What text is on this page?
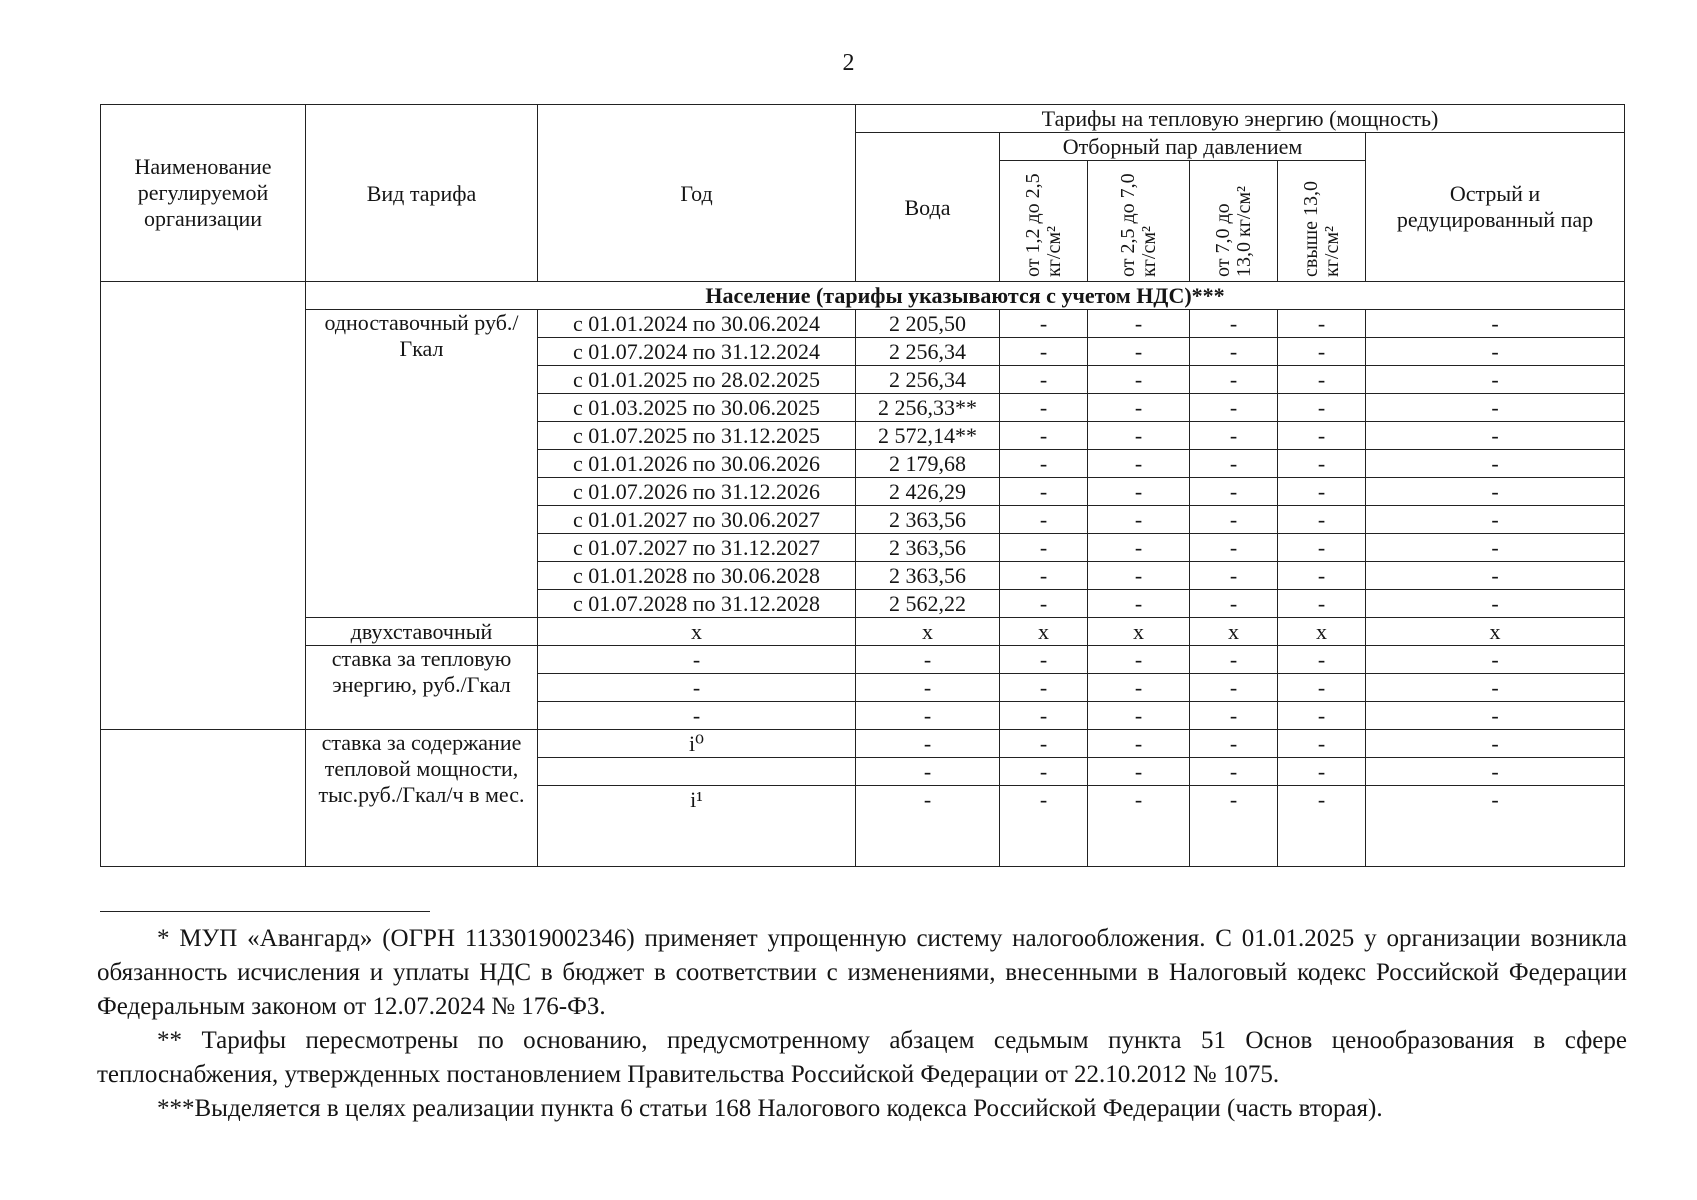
2
Наименование регулируемой организации	Вид тарифа	Год	Тарифы на тепловую энергию (мощность)					
			Вода	Отборный пар давлением				Острый и редуцированный пар

				от 1,2 до 2,5 кг/см²	от 2,5 до 7,0 кг/см²	от 7,0 до 13,0 кг/см²	свыше 13,0 кг/см²	

	Население (тарифы указываются с учетом НДС)***							
	одноставочный руб./Гкал	с 01.01.2024 по 30.06.2024	2 205,50	-	-	-	-	-
		с 01.07.2024 по 31.12.2024	2 256,34	-	-	-	-	-
		с 01.01.2025 по 28.02.2025	2 256,34	-	-	-	-	-
		с 01.03.2025 по 30.06.2025	2 256,33**	-	-	-	-	-
		с 01.07.2025 по 31.12.2025	2 572,14**	-	-	-	-	-
		с 01.01.2026 по 30.06.2026	2 179,68	-	-	-	-	-
		с 01.07.2026 по 31.12.2026	2 426,29	-	-	-	-	-
		с 01.01.2027 по 30.06.2027	2 363,56	-	-	-	-	-
		с 01.07.2027 по 31.12.2027	2 363,56	-	-	-	-	-
		с 01.01.2028 по 30.06.2028	2 363,56	-	-	-	-	-
		с 01.07.2028 по 31.12.2028	2 562,22	-	-	-	-	-
	двухставочный	x	x	x	x	x	x	x
	ставка за тепловую энергию, руб./Гкал	-	-	-	-	-	-	-
		-	-	-	-	-	-	-
		-	-	-	-	-	-	-
	ставка за содержание тепловой мощности, тыс.руб./Гкал/ч в мес.	i⁰	-	-	-	-	-	-
			-	-	-	-	-	-
		i¹	-	-	-	-	-	-

* МУП «Авангард» (ОГРН 1133019002346) применяет упрощенную систему налогообложения. С 01.01.2025 у организации возникла обязанность исчисления и уплаты НДС в бюджет в соответствии с изменениями, внесенными в Налоговый кодекс Российской Федерации Федеральным законом от 12.07.2024 № 176-ФЗ.

** Тарифы пересмотрены по основанию, предусмотренному абзацем седьмым пункта 51 Основ ценообразования в сфере теплоснабжения, утвержденных постановлением Правительства Российской Федерации от 22.10.2012 № 1075.

***Выделяется в целях реализации пункта 6 статьи 168 Налогового кодекса Российской Федерации (часть вторая).
